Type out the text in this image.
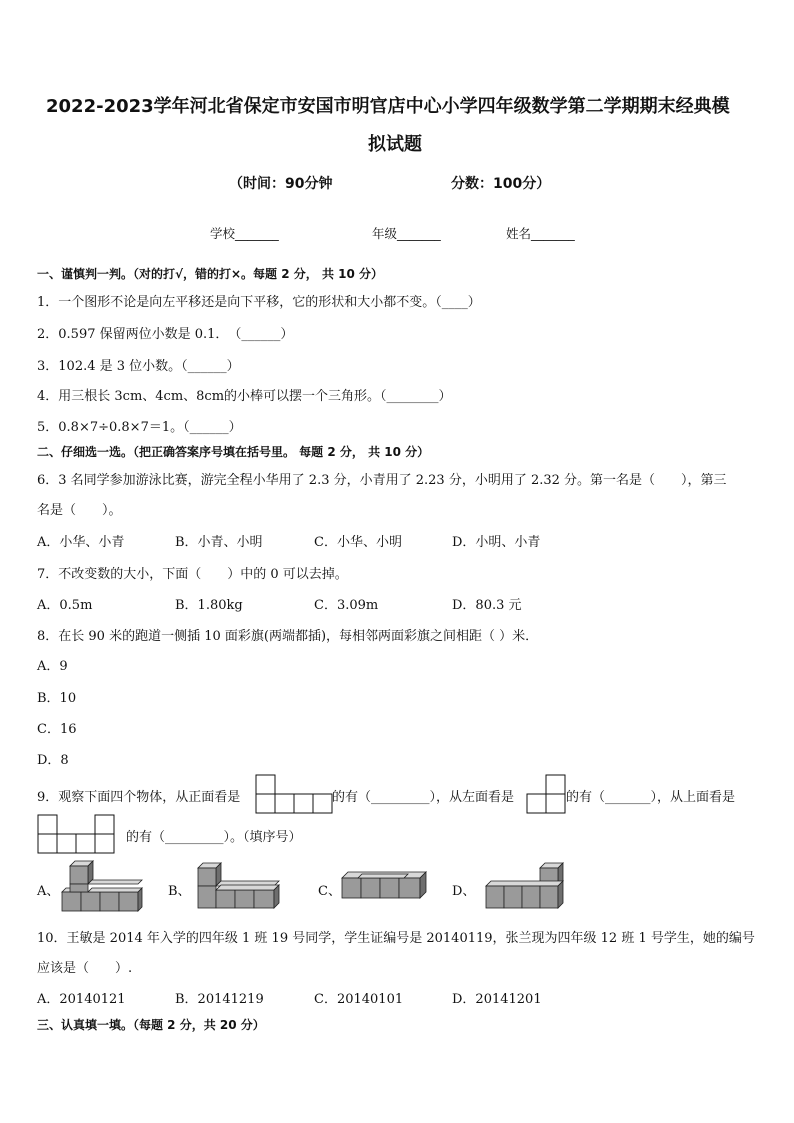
2022-2023学年河北省保定市安国市明官店中心小学四年级数学第二学期期末经典模
拟试题
（时间：90分钟	分数：100分）
学校_______	年级_______	姓名_______
一、谨慎判一判。（对的打√，错的打×。每题 2 分， 共 10 分）
1．一个图形不论是向左平移还是向下平移，它的形状和大小都不变。（____）
2．0.597 保留两位小数是 0.1．　（______）
3．102.4 是 3 位小数。（______）
4．用三根长 3cm、4cm、8cm的小棒可以摆一个三角形。（________）
5．0.8×7÷0.8×7＝1。（______）
二、仔细选一选。（把正确答案序号填在括号里。 每题 2 分， 共 10 分）
6．3 名同学参加游泳比赛，游完全程小华用了 2.3 分，小青用了 2.23 分，小明用了 2.32 分。第一名是（　　），第三
名是（　　）。
A．小华、小青	B．小青、小明	C．小华、小明	D．小明、小青
7．不改变数的大小，下面（　　）中的 0 可以去掉。
A．0.5m	B．1.80kg	C．3.09m	D．80.3 元
8．在长 90 米的跑道一侧插 10 面彩旗(两端都插)，每相邻两面彩旗之间相距（ ）米．
A．9
B．10
C．16
D．8
9．观察下面四个物体，从正面看是	的有（_________），从左面看是	的有（_______），从上面看是
的有（_________）。（填序号）
A、	B、	C、	D、
10．王敏是 2014 年入学的四年级 1 班 19 号同学，学生证编号是 20140119，张兰现为四年级 12 班 1 号学生，她的编号
应该是（　　）.
A．20140121	B．20141219	C．20140101	D．20141201
三、认真填一填。（每题 2 分，共 20 分）
